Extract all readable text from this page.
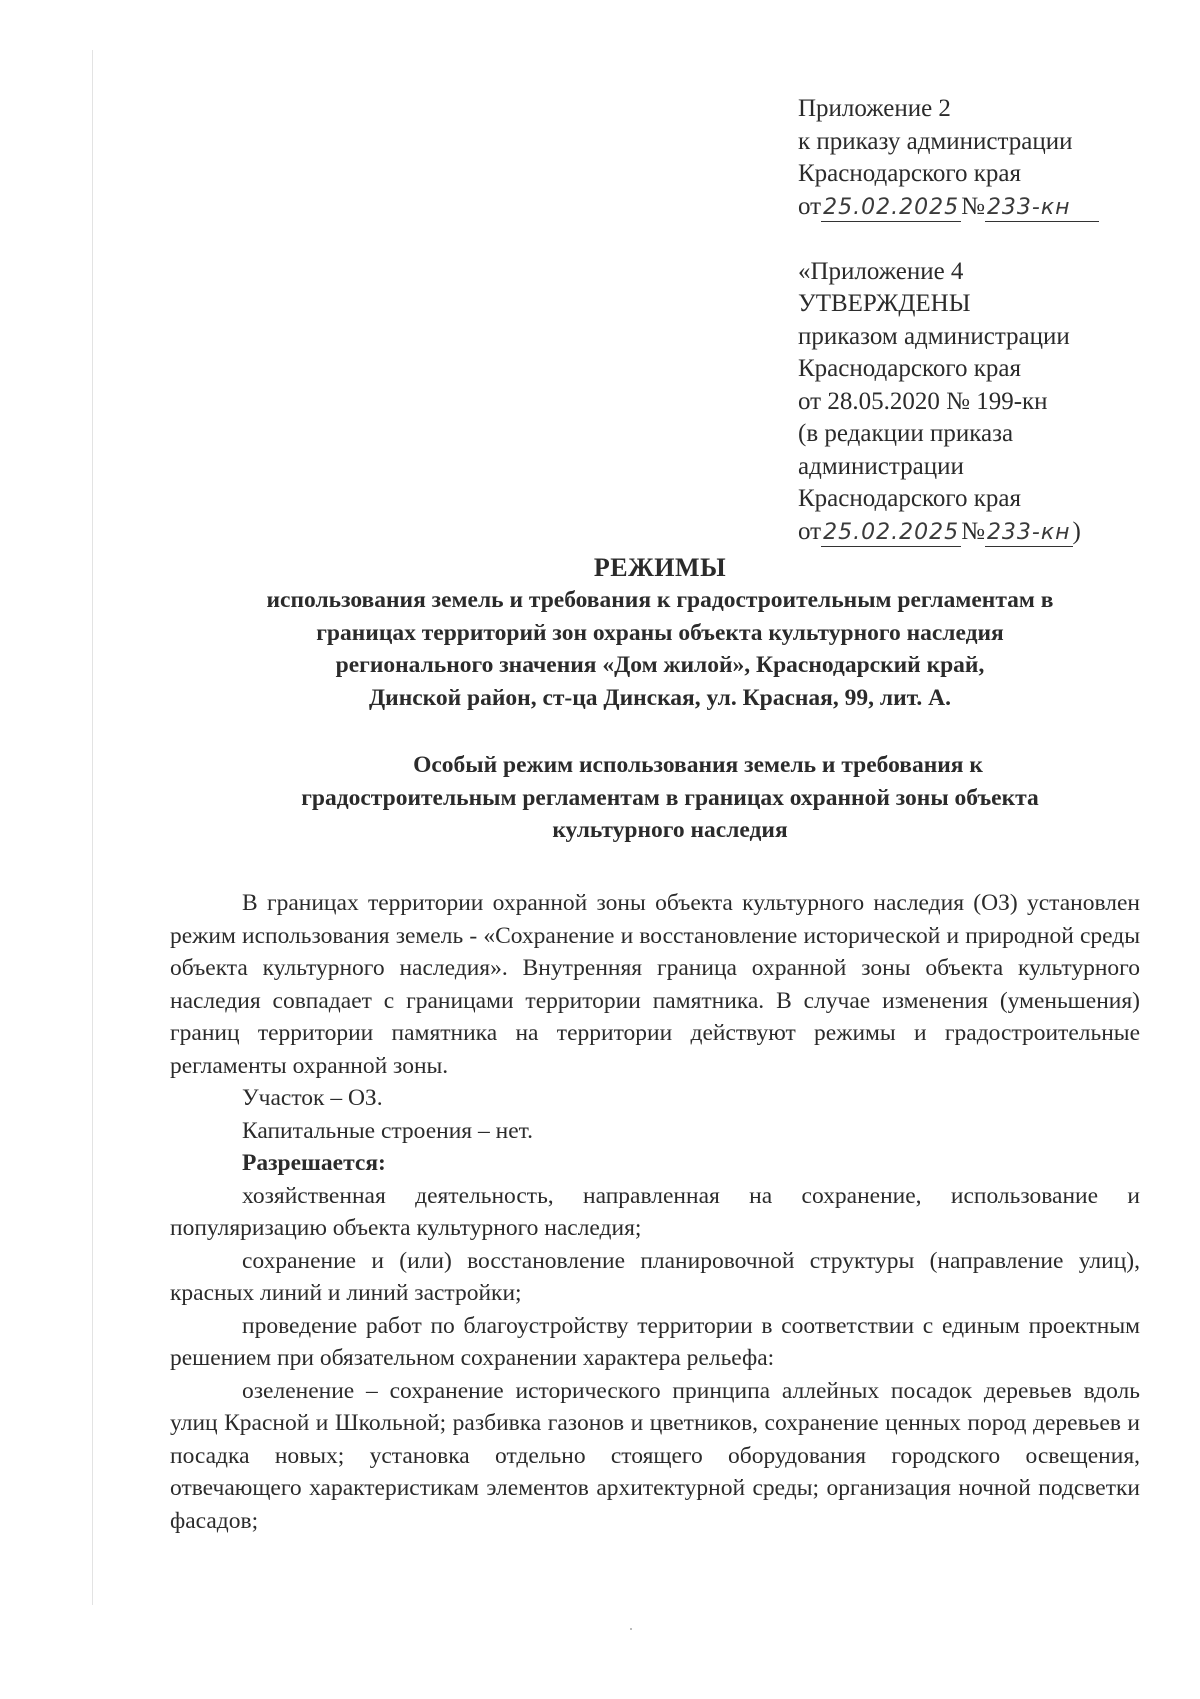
Приложение 2
к приказу администрации
Краснодарского края
от25.02.2025№233-кн
«Приложение 4
УТВЕРЖДЕНЫ
приказом администрации
Краснодарского края
от 28.05.2020 № 199-кн
(в редакции приказа
администрации
Краснодарского края
от25.02.2025№233-кн)
РЕЖИМЫ
использования земель и требования к градостроительным регламентам в
границах территорий зон охраны объекта культурного наследия
регионального значения «Дом жилой», Краснодарский край,
Динской район, ст-ца Динская, ул. Красная, 99, лит. А.
Особый режим использования земель и требования к
градостроительным регламентам в границах охранной зоны объекта
культурного наследия

В границах территории охранной зоны объекта культурного наследия (ОЗ) установлен режим использования земель - «Сохранение и восстановление исторической и природной среды объекта культурного наследия». Внутренняя граница охранной зоны объекта культурного наследия совпадает с границами территории памятника. В случае изменения (уменьшения) границ территории памятника на территории действуют режимы и градостроительные регламенты охранной зоны.

Участок – ОЗ.
Капитальные строения – нет.
Разрешается:

хозяйственная деятельность, направленная на сохранение, использование и популяризацию объекта культурного наследия;

сохранение и (или) восстановление планировочной структуры (направление улиц), красных линий и линий застройки;

проведение работ по благоустройству территории в соответствии с единым проектным решением при обязательном сохранении характера рельефа:

озеленение – сохранение исторического принципа аллейных посадок деревьев вдоль улиц Красной и Школьной; разбивка газонов и цветников, сохранение ценных пород деревьев и посадка новых; установка отдельно стоящего оборудования городского освещения, отвечающего характеристикам элементов архитектурной среды; организация ночной подсветки фасадов;
